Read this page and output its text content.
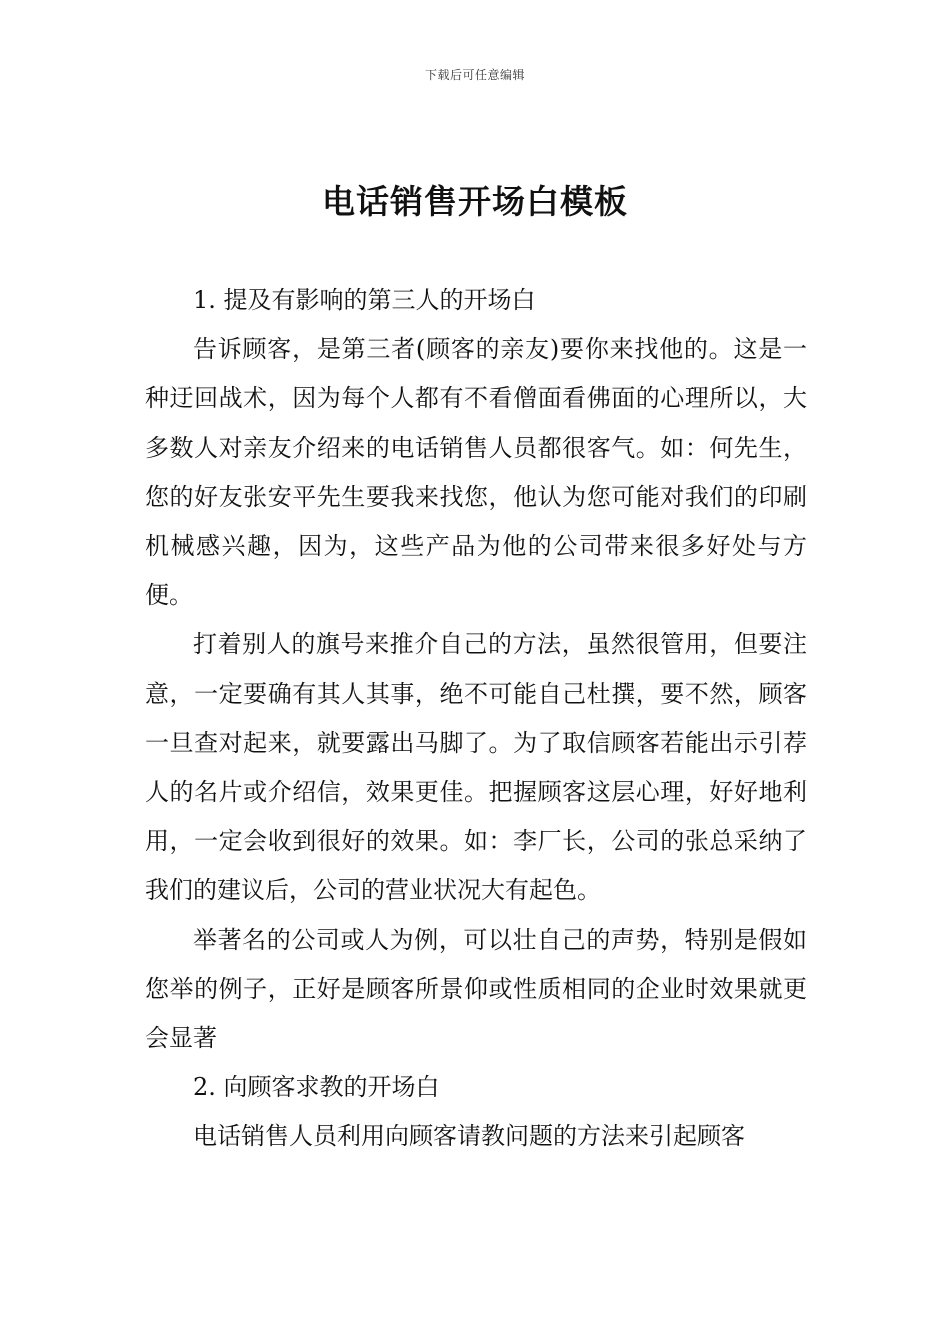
下载后可任意编辑
电话销售开场白模板

1. 提及有影响的第三人的开场白

告诉顾客，是第三者(顾客的亲友)要你来找他的。这是一种迂回战术，因为每个人都有不看僧面看佛面的心理所以，大多数人对亲友介绍来的电话销售人员都很客气。如：何先生，您的好友张安平先生要我来找您，他认为您可能对我们的印刷机械感兴趣，因为，这些产品为他的公司带来很多好处与方便。

打着别人的旗号来推介自己的方法，虽然很管用，但要注意，一定要确有其人其事，绝不可能自己杜撰，要不然，顾客一旦查对起来，就要露出马脚了。为了取信顾客若能出示引荐人的名片或介绍信，效果更佳。把握顾客这层心理，好好地利用，一定会收到很好的效果。如：李厂长，公司的张总采纳了我们的建议后，公司的营业状况大有起色。

举著名的公司或人为例，可以壮自己的声势，特别是假如您举的例子，正好是顾客所景仰或性质相同的企业时效果就更会显著

2. 向顾客求教的开场白

电话销售人员利用向顾客请教问题的方法来引起顾客
